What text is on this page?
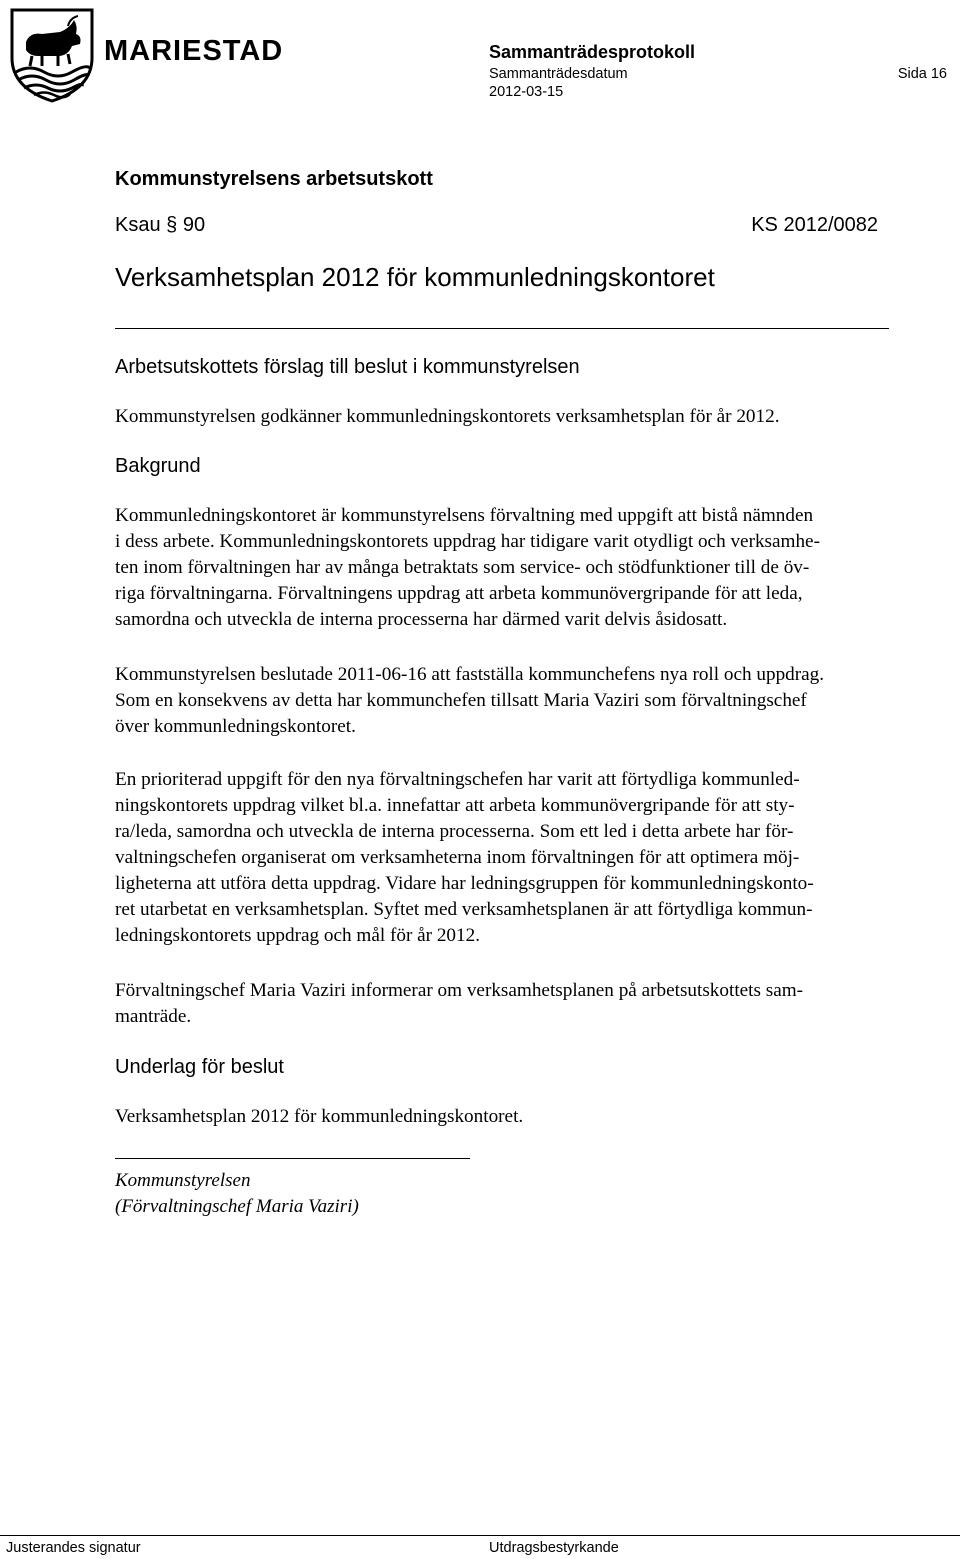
MARIESTAD	Sammanträdesprotokoll
Sammanträdesdatum
2012-03-15
Sida 16
Kommunstyrelsens arbetsutskott
Ksau § 90	KS 2012/0082
Verksamhetsplan 2012 för kommunledningskontoret
Arbetsutskottets förslag till beslut i kommunstyrelsen

Kommunstyrelsen godkänner kommunledningskontorets verksamhetsplan för år 2012.

Bakgrund

Kommunledningskontoret är kommunstyrelsens förvaltning med uppgift att bistå nämnden

i dess arbete. Kommunledningskontorets uppdrag har tidigare varit otydligt och verksamhe-

ten inom förvaltningen har av många betraktats som service- och stödfunktioner till de öv-

riga förvaltningarna. Förvaltningens uppdrag att arbeta kommunövergripande för att leda,

samordna och utveckla de interna processerna har därmed varit delvis åsidosatt.

Kommunstyrelsen beslutade 2011-06-16 att fastställa kommunchefens nya roll och uppdrag.

Som en konsekvens av detta har kommunchefen tillsatt Maria Vaziri som förvaltningschef

över kommunledningskontoret.

En prioriterad uppgift för den nya förvaltningschefen har varit att förtydliga kommunled-

ningskontorets uppdrag vilket bl.a. innefattar att arbeta kommunövergripande för att sty-

ra/leda, samordna och utveckla de interna processerna. Som ett led i detta arbete har för-

valtningschefen organiserat om verksamheterna inom förvaltningen för att optimera möj-

ligheterna att utföra detta uppdrag. Vidare har ledningsgruppen för kommunledningskonto-

ret utarbetat en verksamhetsplan. Syftet med verksamhetsplanen är att förtydliga kommun-

ledningskontorets uppdrag och mål för år 2012.

Förvaltningschef Maria Vaziri informerar om verksamhetsplanen på arbetsutskottets sam-

manträde.

Underlag för beslut

Verksamhetsplan 2012 för kommunledningskontoret.

Kommunstyrelsen
(Förvaltningschef Maria Vaziri)
Justerandes signatur	Utdragsbestyrkande
